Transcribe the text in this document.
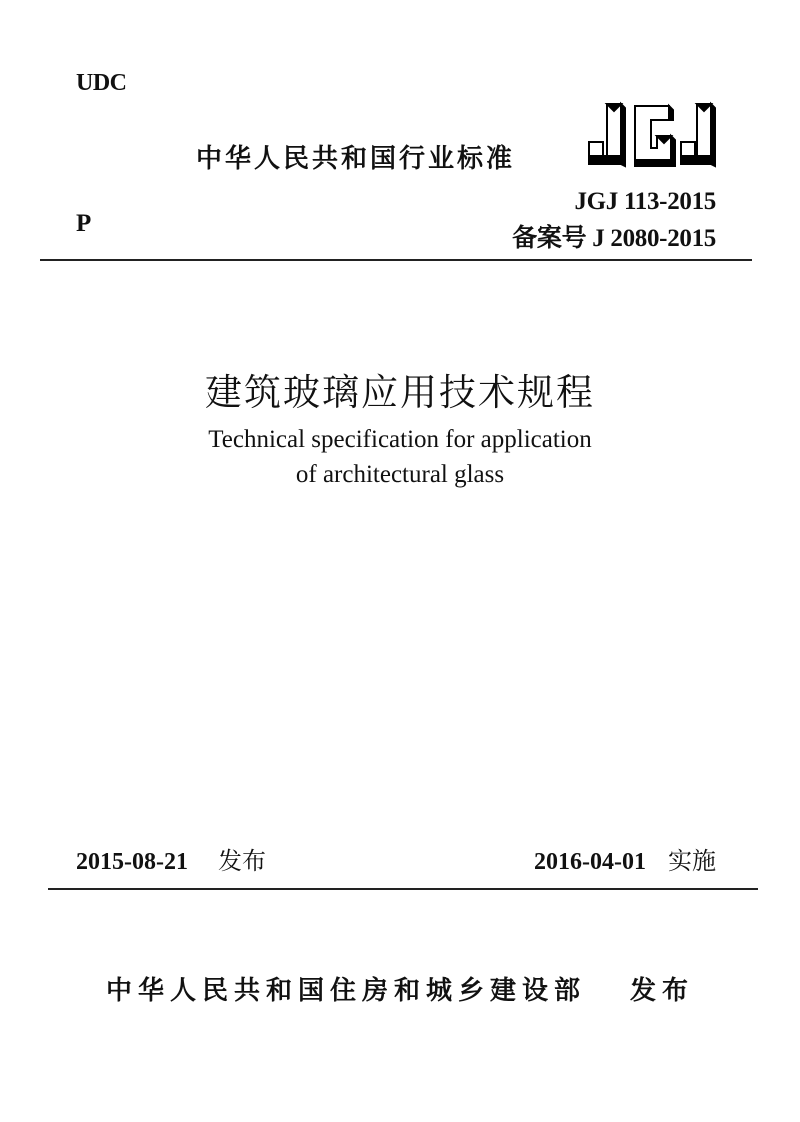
UDC
中华人民共和国行业标准
JGJ 113-2015
P
备案号 J 2080-2015
建筑玻璃应用技术规程
Technical specification for application
of architectural glass
2015-08-21 发布	2016-04-01 实施
中华人民共和国住房和城乡建设部 发布
